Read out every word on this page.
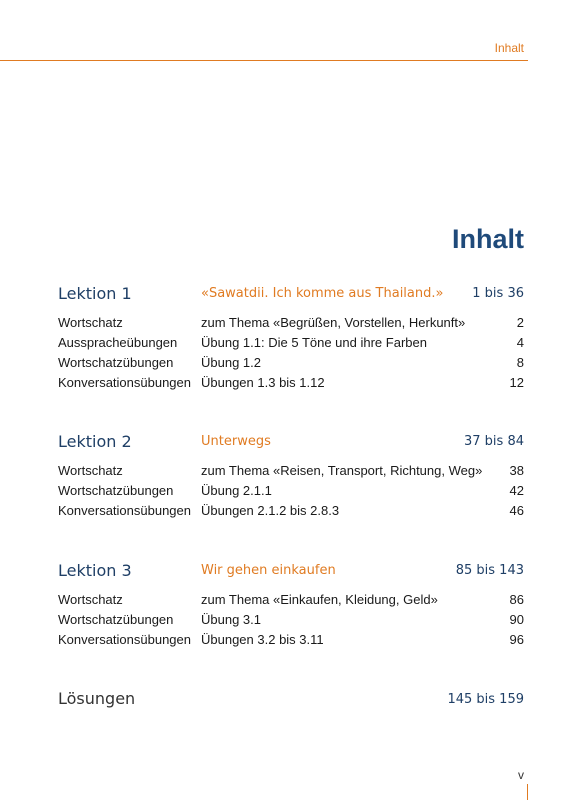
Inhalt
Inhalt
Lektion 1	«Sawatdii. Ich komme aus Thailand.» 1 bis 36
Wortschatz	zum Thema «Begrüßen, Vorstellen, Herkunft»	2
Ausspracheübungen Übung 1.1: Die 5 Töne und ihre Farben	4
Wortschatzübungen Übung 1.2	8
Konversationsübungen Übungen 1.3 bis 1.12	12
Lektion 2	Unterwegs	37 bis 84
Wortschatz	zum Thema «Reisen, Transport, Richtung, Weg» 38
Wortschatzübungen Übung 2.1.1	42
Konversationsübungen Übungen 2.1.2 bis 2.8.3	46
Lektion 3	Wir gehen einkaufen	85 bis 143
Wortschatz	zum Thema «Einkaufen, Kleidung, Geld»	86
Wortschatzübungen Übung 3.1	90
Konversationsübungen Übungen 3.2 bis 3.11	96
Lösungen	145 bis 159
v
